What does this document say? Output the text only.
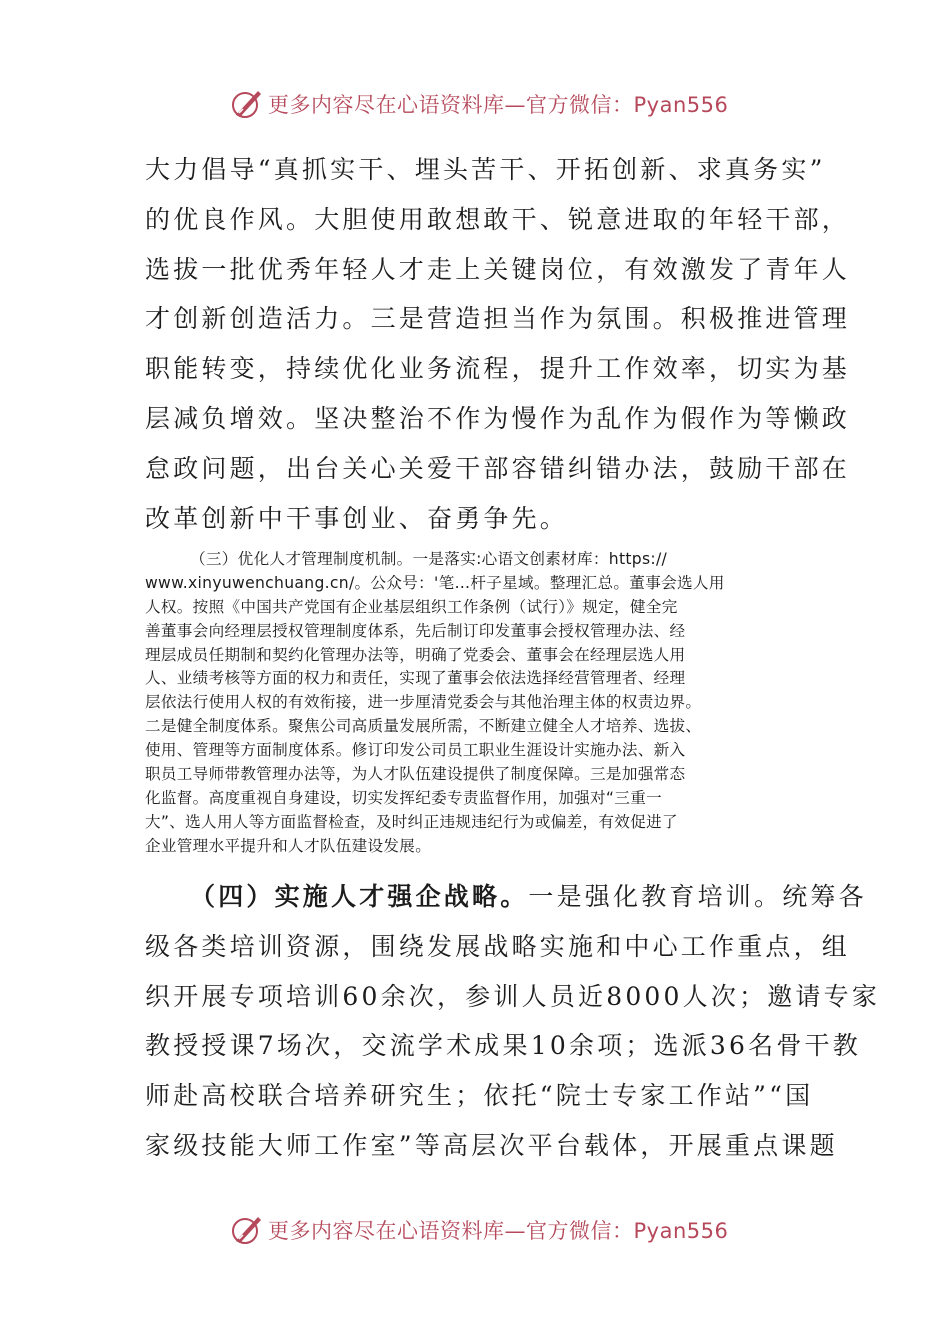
更多内容尽在心语资料库—官方微信：Pyan556
大力倡导“真抓实干、埋头苦干、开拓创新、求真务实”
的优良作风。大胆使用敢想敢干、锐意进取的年轻干部，
选拔一批优秀年轻人才走上关键岗位，有效激发了青年人
才创新创造活力。三是营造担当作为氛围。积极推进管理
职能转变，持续优化业务流程，提升工作效率，切实为基
层减负增效。坚决整治不作为慢作为乱作为假作为等懒政
怠政问题，出台关心关爱干部容错纠错办法，鼓励干部在
改革创新中干事创业、奋勇争先。
（三）优化人才管理制度机制。一是落实:心语文创素材库：https://
www.xinyuwenchuang.cn/。公众号：'笔…杆子星域。整理汇总。董事会选人用
人权。按照《中国共产党国有企业基层组织工作条例（试行）》规定，健全完
善董事会向经理层授权管理制度体系，先后制订印发董事会授权管理办法、经
理层成员任期制和契约化管理办法等，明确了党委会、董事会在经理层选人用
人、业绩考核等方面的权力和责任，实现了董事会依法选择经营管理者、经理
层依法行使用人权的有效衔接，进一步厘清党委会与其他治理主体的权责边界。
二是健全制度体系。聚焦公司高质量发展所需，不断建立健全人才培养、选拔、
使用、管理等方面制度体系。修订印发公司员工职业生涯设计实施办法、新入
职员工导师带教管理办法等，为人才队伍建设提供了制度保障。三是加强常态
化监督。高度重视自身建设，切实发挥纪委专责监督作用，加强对“三重一
大”、选人用人等方面监督检查，及时纠正违规违纪行为或偏差，有效促进了
企业管理水平提升和人才队伍建设发展。
（四）实施人才强企战略。一是强化教育培训。统筹各
级各类培训资源，围绕发展战略实施和中心工作重点，组
织开展专项培训60余次，参训人员近8000人次；邀请专家
教授授课7场次，交流学术成果10余项；选派36名骨干教
师赴高校联合培养研究生；依托“院士专家工作站”“国
家级技能大师工作室”等高层次平台载体，开展重点课题
更多内容尽在心语资料库—官方微信：Pyan556
